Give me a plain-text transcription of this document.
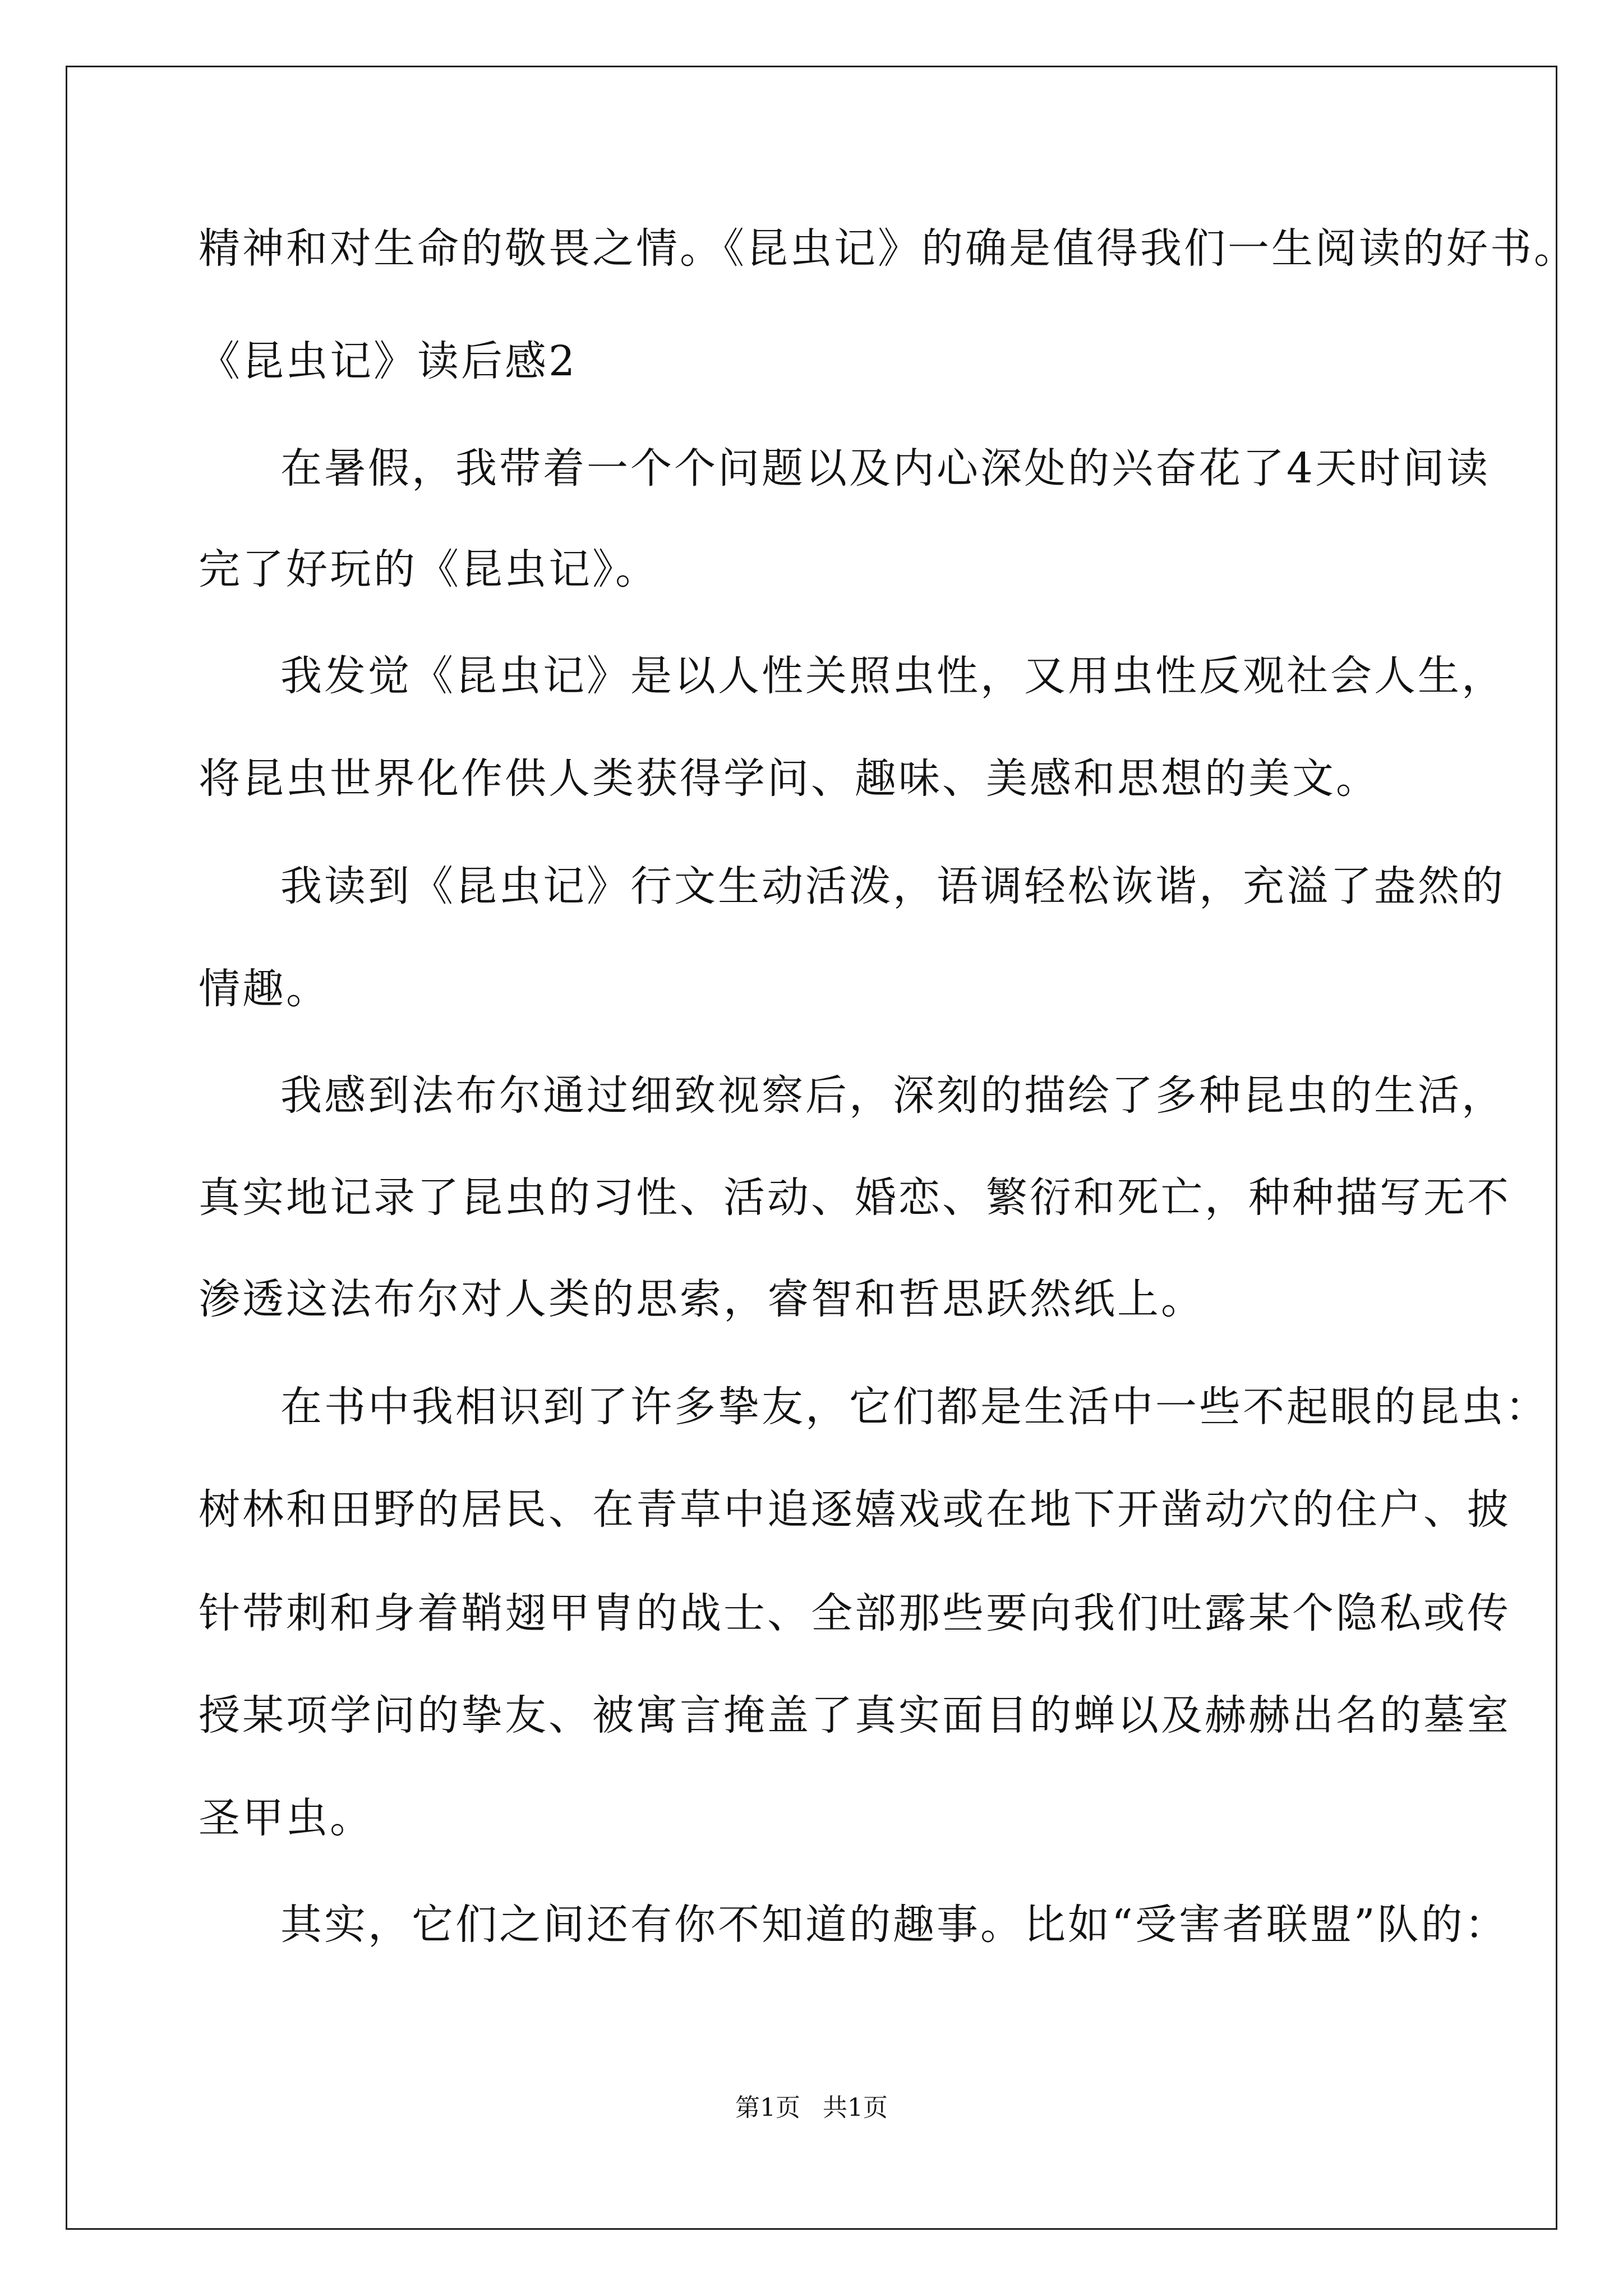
精神和对生命的敬畏之情。《昆虫记》的确是值得我们一生阅读的好书。
《昆虫记》读后感2
在暑假，我带着一个个问题以及内心深处的兴奋花了4天时间读
完了好玩的《昆虫记》。
我发觉《昆虫记》是以人性关照虫性，又用虫性反观社会人生，
将昆虫世界化作供人类获得学问、趣味、美感和思想的美文。
我读到《昆虫记》行文生动活泼，语调轻松诙谐，充溢了盎然的
情趣。
我感到法布尔通过细致视察后，深刻的描绘了多种昆虫的生活，
真实地记录了昆虫的习性、活动、婚恋、繁衍和死亡，种种描写无不
渗透这法布尔对人类的思索，睿智和哲思跃然纸上。
在书中我相识到了许多挚友，它们都是生活中一些不起眼的昆虫：
树林和田野的居民、在青草中追逐嬉戏或在地下开凿动穴的住户、披
针带刺和身着鞘翅甲胄的战士、全部那些要向我们吐露某个隐私或传
授某项学问的挚友、被寓言掩盖了真实面目的蝉以及赫赫出名的墓室
圣甲虫。
其实，它们之间还有你不知道的趣事。比如“受害者联盟”队的：
第1页 共1页
